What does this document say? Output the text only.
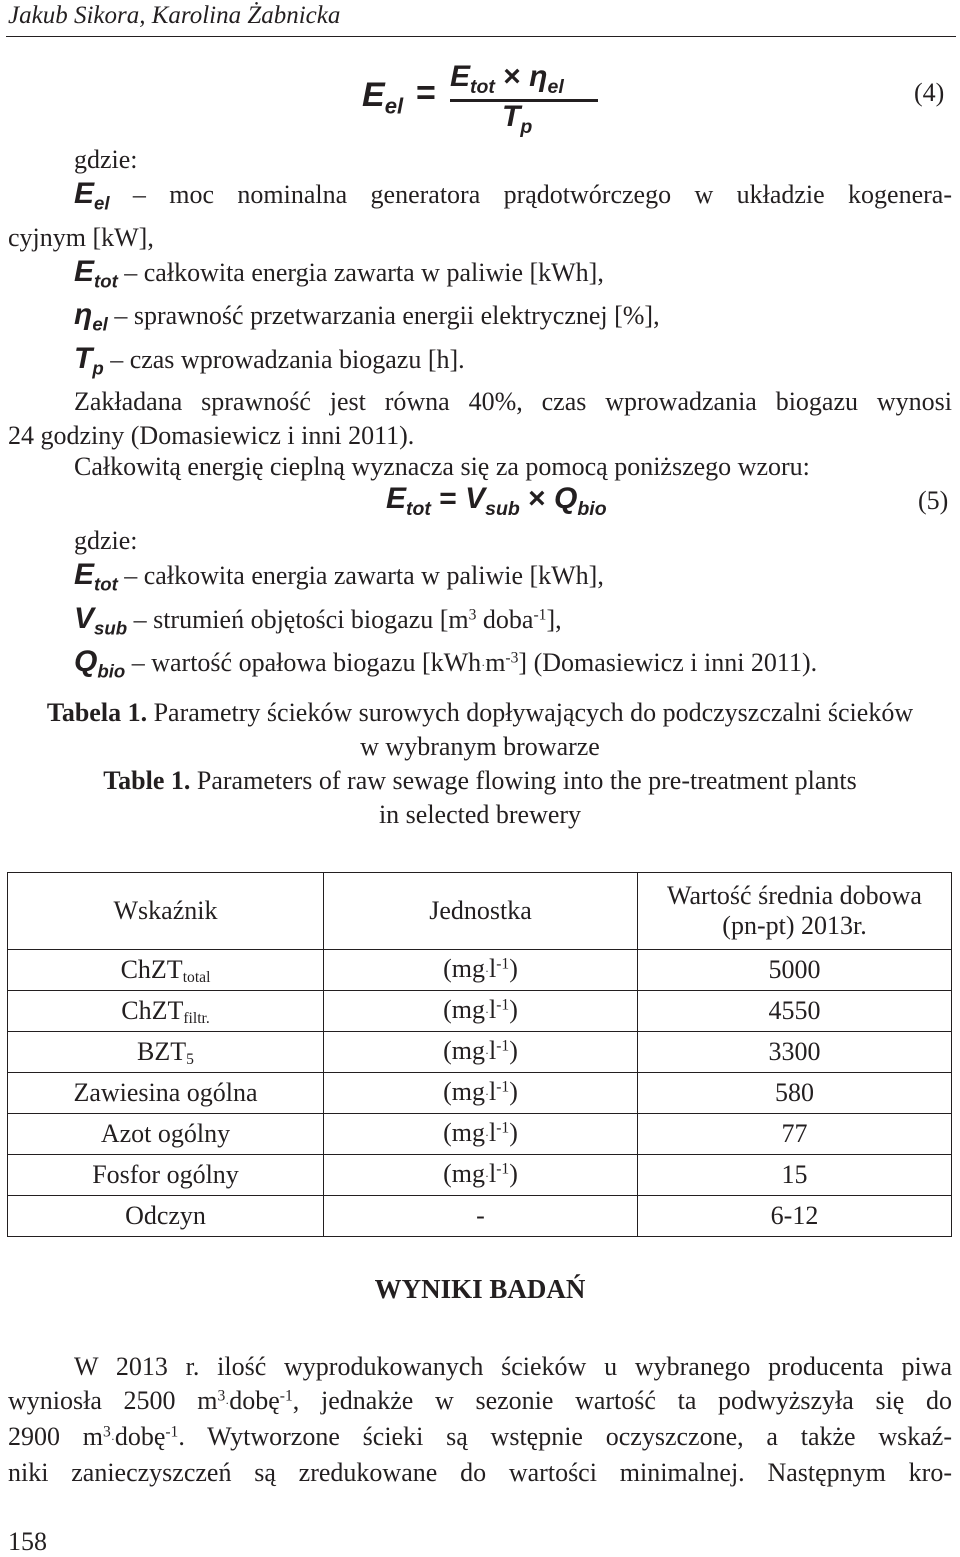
Jakub Sikora, Karolina Żabnicka
$E_{el} = E_{tot} \times \eta_{el}$
$T_p$
(4)
gdzie:
$E_{el}$ – moc nominalna generatora prądotwórczego w układzie kogenera-
cyjnym [kW],
$E_{tot}$ – całkowita energia zawarta w paliwie [kWh],
$\eta_{el}$ – sprawność przetwarzania energii elektrycznej [%],
$T_p$ – czas wprowadzania biogazu [h].
Zakładana sprawność jest równa 40%, czas wprowadzania biogazu wynosi
24 godziny (Domasiewicz i inni 2011).
Całkowitą energię cieplną wyznacza się za pomocą poniższego wzoru:
$E_{tot} = V_{sub} \times Q_{bio}$	(5)
gdzie:
$E_{tot}$ – całkowita energia zawarta w paliwie [kWh],
$V_{sub}$ – strumień objętości biogazu [$m^3$ doba$^{-1}$],
$Q_{bio}$ – wartość opałowa biogazu $[kWh\cdot m^{-3}]$ (Domasiewicz i inni 2011).
Tabela 1. Parametry ścieków surowych dopływających do podczyszczalni ścieków
w wybranym browarze
Table 1. Parameters of raw sewage flowing into the pre-treatment plants
in selected brewery
Wskaźnik	Jednostka	Wartość średnia dobowa
(pn-pt) 2013r.

ChZT$_{total}$	$(mg\cdot l^{-1})$	5000
ChZT$_{filtr.}$	$(mg\cdot l^{-1})$	4550
$BZT_5$	$(mg\cdot l^{-1})$	3300
Zawiesina ogólna	$(mg\cdot l^{-1})$	580
Azot ogólny	$(mg\cdot l^{-1})$	77
Fosfor ogólny	$(mg\cdot l^{-1})$	15
Odczyn	-	6-12
WYNIKI BADAŃ
W 2013 r. ilość wyprodukowanych ścieków u wybranego producenta piwa
wyniosła 2500 $m^3\cdot dobę^{-1}$, jednakże w sezonie wartość ta podwyższyła się do
2900 $m^3\cdot dobę^{-1}$. Wytworzone ścieki są wstępnie oczyszczone, a także wskaź-
niki zanieczyszczeń są zredukowane do wartości minimalnej. Następnym kro-
158
